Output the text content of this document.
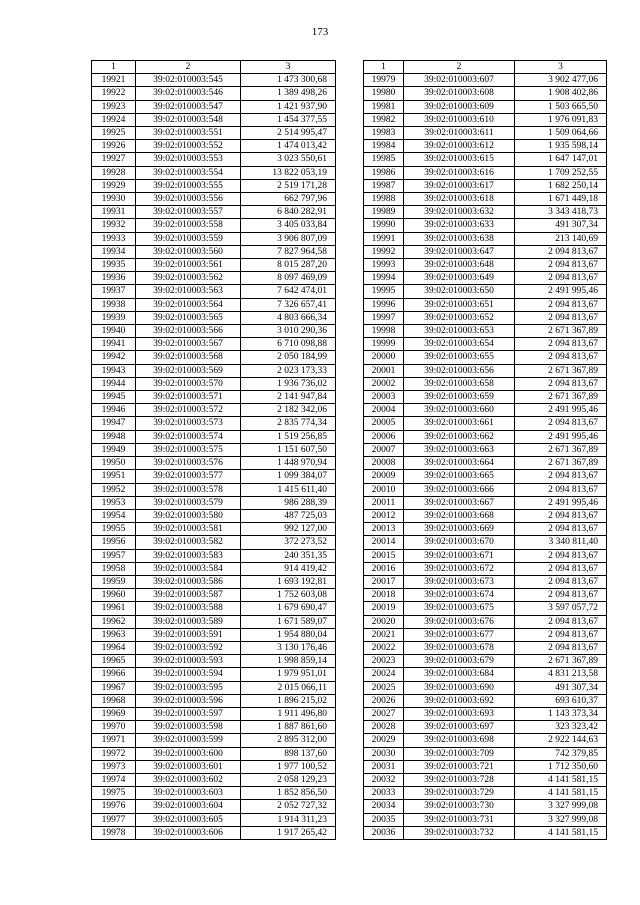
173
1	2	3
19921	39:02:010003:545	1 473 300,68
19922	39:02:010003:546	1 389 498,26
19923	39:02:010003:547	1 421 937,90
19924	39:02:010003:548	1 454 377,55
19925	39:02:010003:551	2 514 995,47
19926	39:02:010003:552	1 474 013,42
19927	39:02:010003:553	3 023 550,61
19928	39:02:010003:554	13 822 053,19
19929	39:02:010003:555	2 519 171,28
19930	39:02:010003:556	662 797,96
19931	39:02:010003:557	6 840 282,91
19932	39:02:010003:558	3 405 033,84
19933	39:02:010003:559	3 906 807,09
19934	39:02:010003:560	7 827 964,58
19935	39:02:010003:561	8 015 287,20
19936	39:02:010003:562	8 097 469,09
19937	39:02:010003:563	7 642 474,01
19938	39:02:010003:564	7 326 657,41
19939	39:02:010003:565	4 803 666,34
19940	39:02:010003:566	3 010 290,36
19941	39:02:010003:567	6 710 098,88
19942	39:02:010003:568	2 050 184,99
19943	39:02:010003:569	2 023 173,33
19944	39:02:010003:570	1 936 736,02
19945	39:02:010003:571	2 141 947,84
19946	39:02:010003:572	2 182 342,06
19947	39:02:010003:573	2 835 774,34
19948	39:02:010003:574	1 519 256,85
19949	39:02:010003:575	1 151 607,50
19950	39:02:010003:576	1 448 970,94
19951	39:02:010003:577	1 099 384,07
19952	39:02:010003:578	1 415 611,40
19953	39:02:010003:579	986 288,39
19954	39:02:010003:580	487 725,03
19955	39:02:010003:581	992 127,00
19956	39:02:010003:582	372 273,52
19957	39:02:010003:583	240 351,35
19958	39:02:010003:584	914 419,42
19959	39:02:010003:586	1 693 192,81
19960	39:02:010003:587	1 752 603,08
19961	39:02:010003:588	1 679 690,47
19962	39:02:010003:589	1 671 589,07
19963	39:02:010003:591	1 954 880,04
19964	39:02:010003:592	3 130 176,46
19965	39:02:010003:593	1 998 859,14
19966	39:02:010003:594	1 979 951,01
19967	39:02:010003:595	2 015 066,11
19968	39:02:010003:596	1 896 215,02
19969	39:02:010003:597	1 911 496,80
19970	39:02:010003:598	1 887 861,60
19971	39:02:010003:599	2 895 312,00
19972	39:02:010003:600	898 137,60
19973	39:02:010003:601	1 977 100,52
19974	39:02:010003:602	2 058 129,23
19975	39:02:010003:603	1 852 856,50
19976	39:02:010003:604	2 052 727,32
19977	39:02:010003:605	1 914 311,23
19978	39:02:010003:606	1 917 265,42
1	2	3
19979	39:02:010003:607	3 902 477,06
19980	39:02:010003:608	1 908 402,86
19981	39:02:010003:609	1 503 665,50
19982	39:02:010003:610	1 976 091,83
19983	39:02:010003:611	1 509 064,66
19984	39:02:010003:612	1 935 598,14
19985	39:02:010003:615	1 647 147,01
19986	39:02:010003:616	1 709 252,55
19987	39:02:010003:617	1 682 250,14
19988	39:02:010003:618	1 671 449,18
19989	39:02:010003:632	3 343 418,73
19990	39:02:010003:633	491 307,34
19991	39:02:010003:638	213 140,69
19992	39:02:010003:647	2 094 813,67
19993	39:02:010003:648	2 094 813,67
19994	39:02:010003:649	2 094 813,67
19995	39:02:010003:650	2 491 995,46
19996	39:02:010003:651	2 094 813,67
19997	39:02:010003:652	2 094 813,67
19998	39:02:010003:653	2 671 367,89
19999	39:02:010003:654	2 094 813,67
20000	39:02:010003:655	2 094 813,67
20001	39:02:010003:656	2 671 367,89
20002	39:02:010003:658	2 094 813,67
20003	39:02:010003:659	2 671 367,89
20004	39:02:010003:660	2 491 995,46
20005	39:02:010003:661	2 094 813,67
20006	39:02:010003:662	2 491 995,46
20007	39:02:010003:663	2 671 367,89
20008	39:02:010003:664	2 671 367,89
20009	39:02:010003:665	2 094 813,67
20010	39:02:010003:666	2 094 813,67
20011	39:02:010003:667	2 491 995,46
20012	39:02:010003:668	2 094 813,67
20013	39:02:010003:669	2 094 813,67
20014	39:02:010003:670	3 340 811,40
20015	39:02:010003:671	2 094 813,67
20016	39:02:010003:672	2 094 813,67
20017	39:02:010003:673	2 094 813,67
20018	39:02:010003:674	2 094 813,67
20019	39:02:010003:675	3 597 057,72
20020	39:02:010003:676	2 094 813,67
20021	39:02:010003:677	2 094 813,67
20022	39:02:010003:678	2 094 813,67
20023	39:02:010003:679	2 671 367,89
20024	39:02:010003:684	4 831 213,58
20025	39:02:010003:690	491 307,34
20026	39:02:010003:692	693 610,37
20027	39:02:010003:693	1 143 373,34
20028	39:02:010003:697	323 323,42
20029	39:02:010003:698	2 922 144,63
20030	39:02:010003:709	742 379,85
20031	39:02:010003:721	1 712 350,60
20032	39:02:010003:728	4 141 581,15
20033	39:02:010003:729	4 141 581,15
20034	39:02:010003:730	3 327 999,08
20035	39:02:010003:731	3 327 999,08
20036	39:02:010003:732	4 141 581,15
